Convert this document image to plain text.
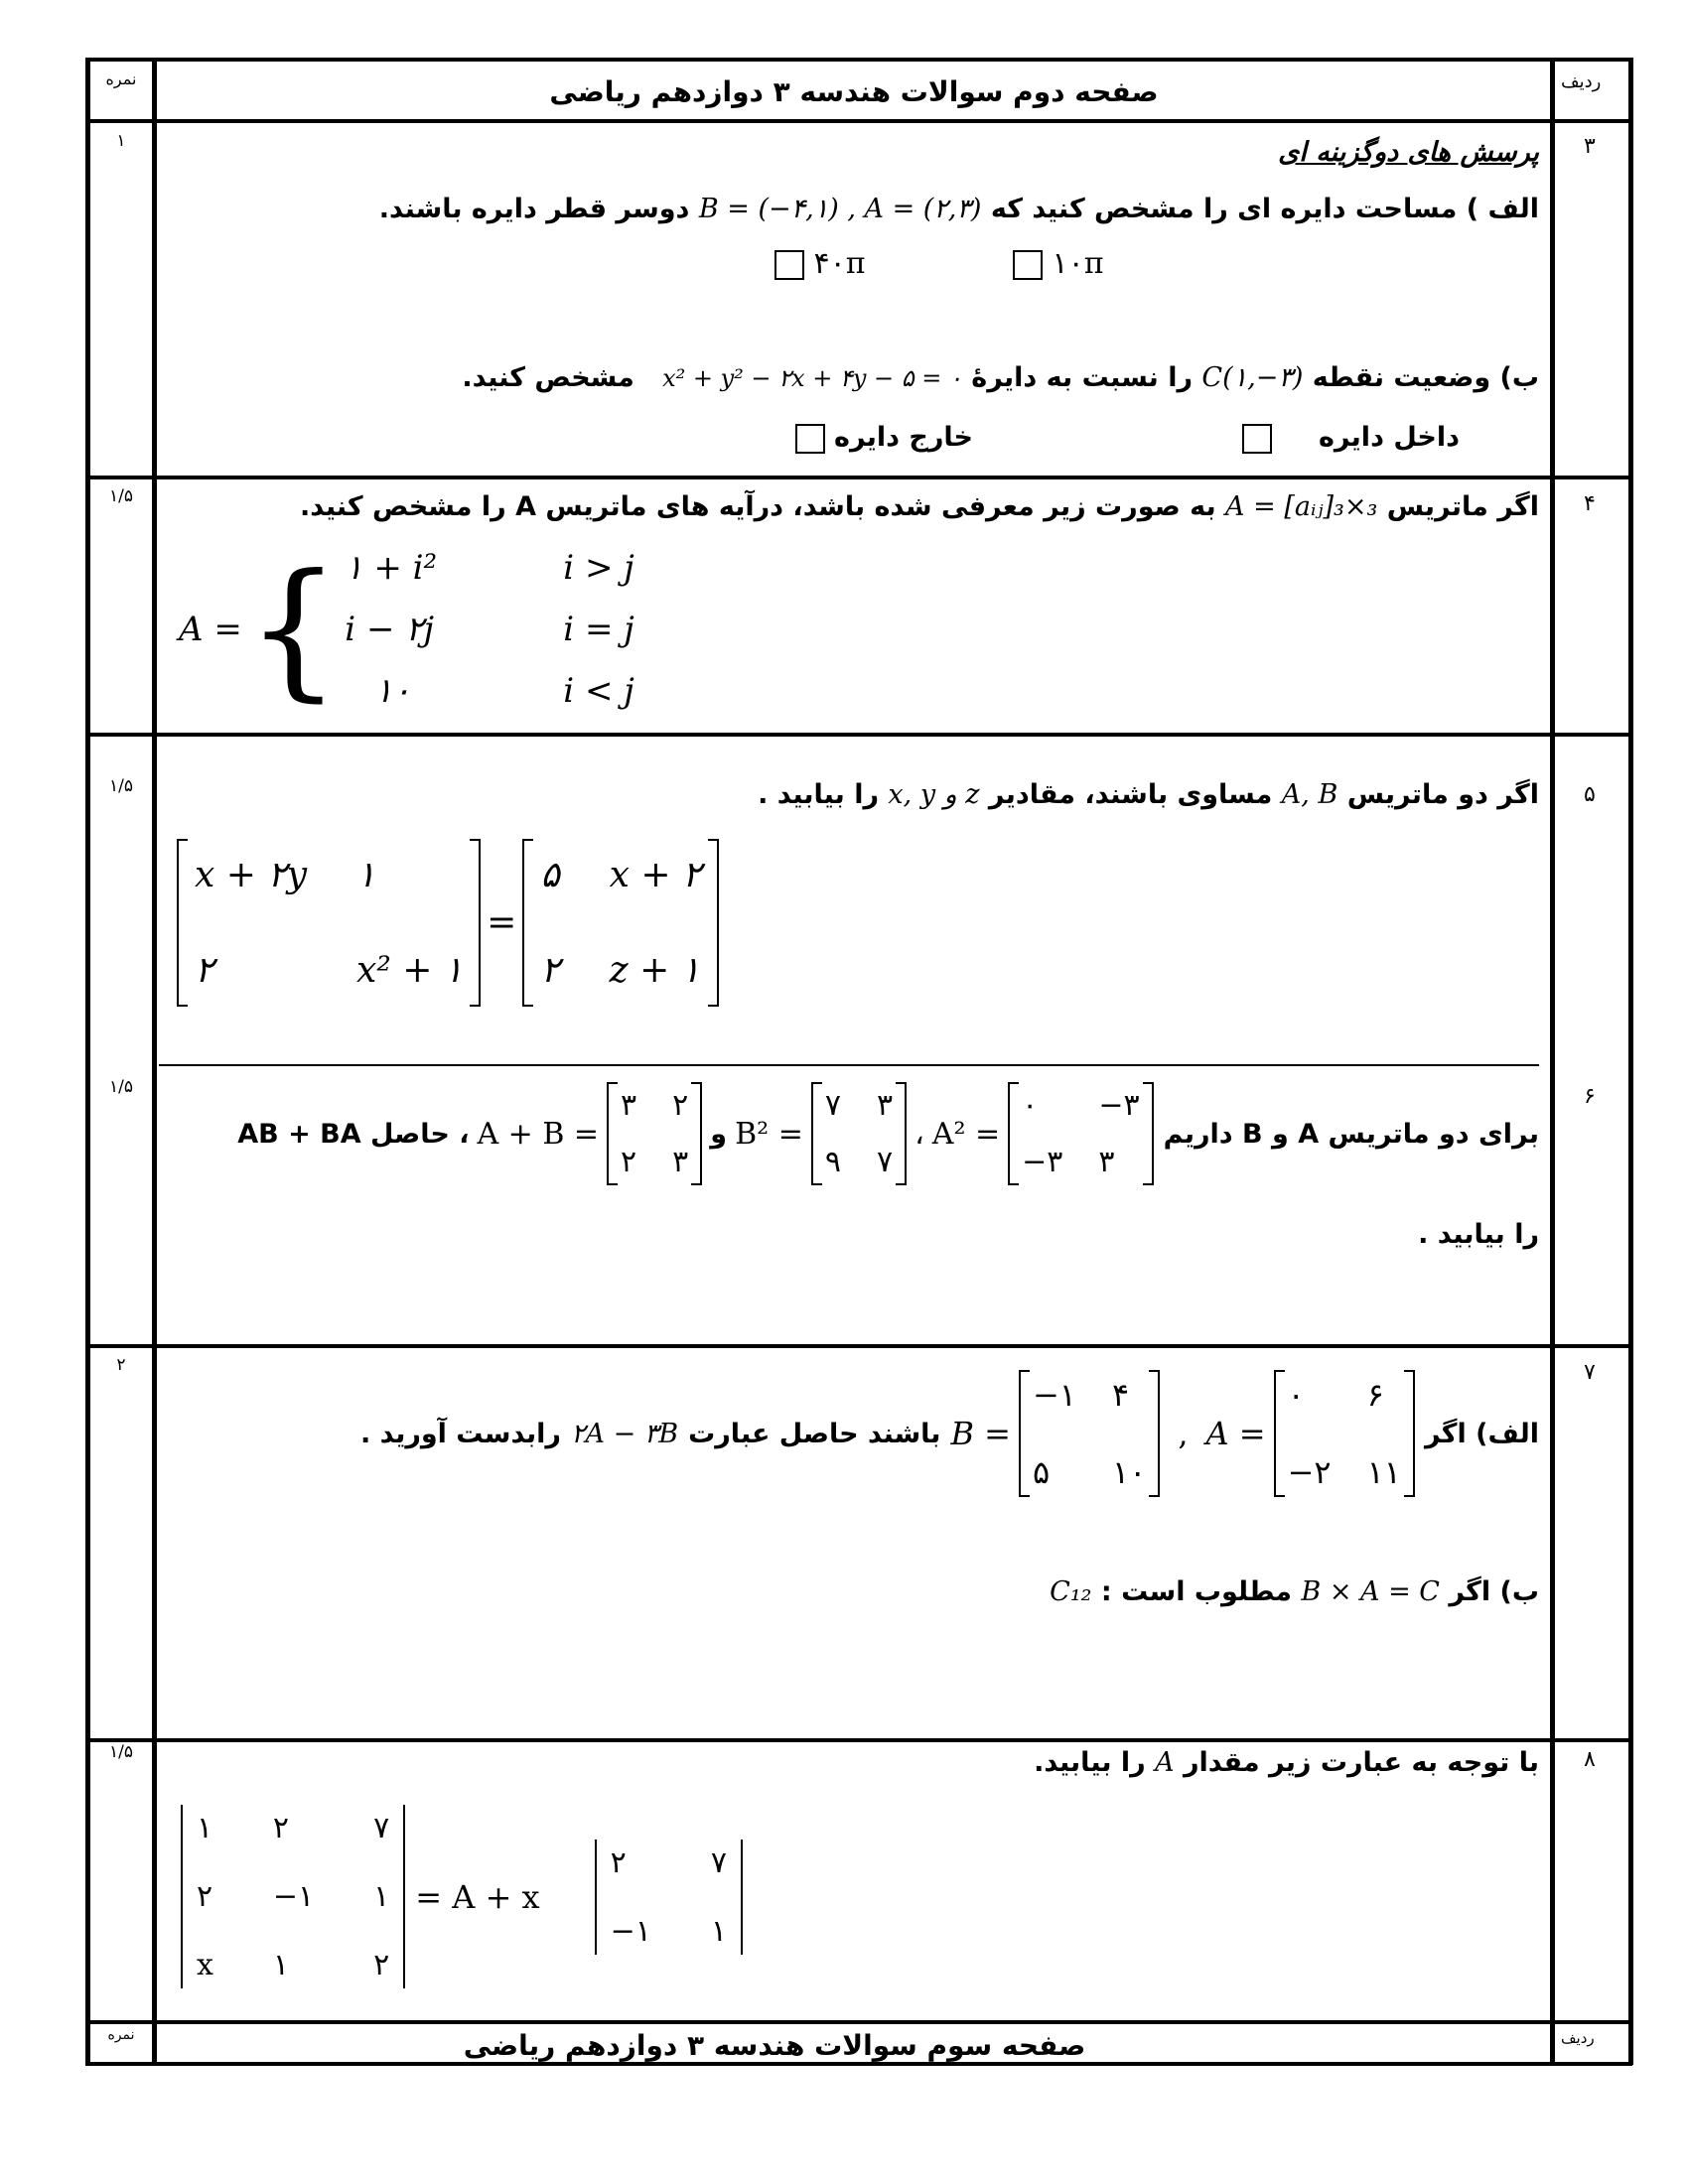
نمره	ردیف
صفحه دوم سوالات هندسه ۳ دوازدهم ریاضی
۳
۱	پرسش های دوگزینه ای
الف ) مساحت دایره ای را مشخص کنید که B = (−۴,۱) , A = (۲,۳) دوسر قطر دایره باشند.
۱۰π
۴۰π
ب) وضعیت نقطه C(۱,−۳) را نسبت به دایرهٔ x² + y² − ۲x + ۴y − ۵ = ۰   مشخص کنید.
داخل دایره
خارج دایره
۴
۱/۵	اگر ماتریس A = [aᵢⱼ]₃×₃ به صورت زیر معرفی شده باشد، درآیه های ماتریس A را مشخص کنید.
A = { ۱ + i²	i > j
i − ۲j	i = j
۱۰	i < j
۵
۱/۵	اگر دو ماتریس A, B مساوی باشند، مقادیر x, y و z را بیابید .
x + ۲y ۱
۲	x² + ۱
=
۵ x + ۲
۲ z + ۱
۶
۱/۵
برای دو ماتریس A و B داریم
، حاصل AB + BA A + B =
۳ ۲
۲ ۳
و B² =
۷ ۳
۹ ۷
، A² =
۰	−۳
−۳ ۳
را بیابید .
۷
۲
الف) اگر
B =
−۱ ۴
۵	۱۰
, A =
۰	۶
−۲ ۱۱
باشند حاصل عبارت
۲A − ۳B
رابدست آورید .
ب) اگر B × A = C مطلوب است : C₁₂
۸
۱/۵	با توجه به عبارت زیر مقدار A را بیابید.
۱ ۲	۷
۲ −۱ ۱
x ۱	۲
= A + x
۲	۷
−۱ ۱
نمره	ردیف
صفحه سوم سوالات هندسه ۳ دوازدهم ریاضی
